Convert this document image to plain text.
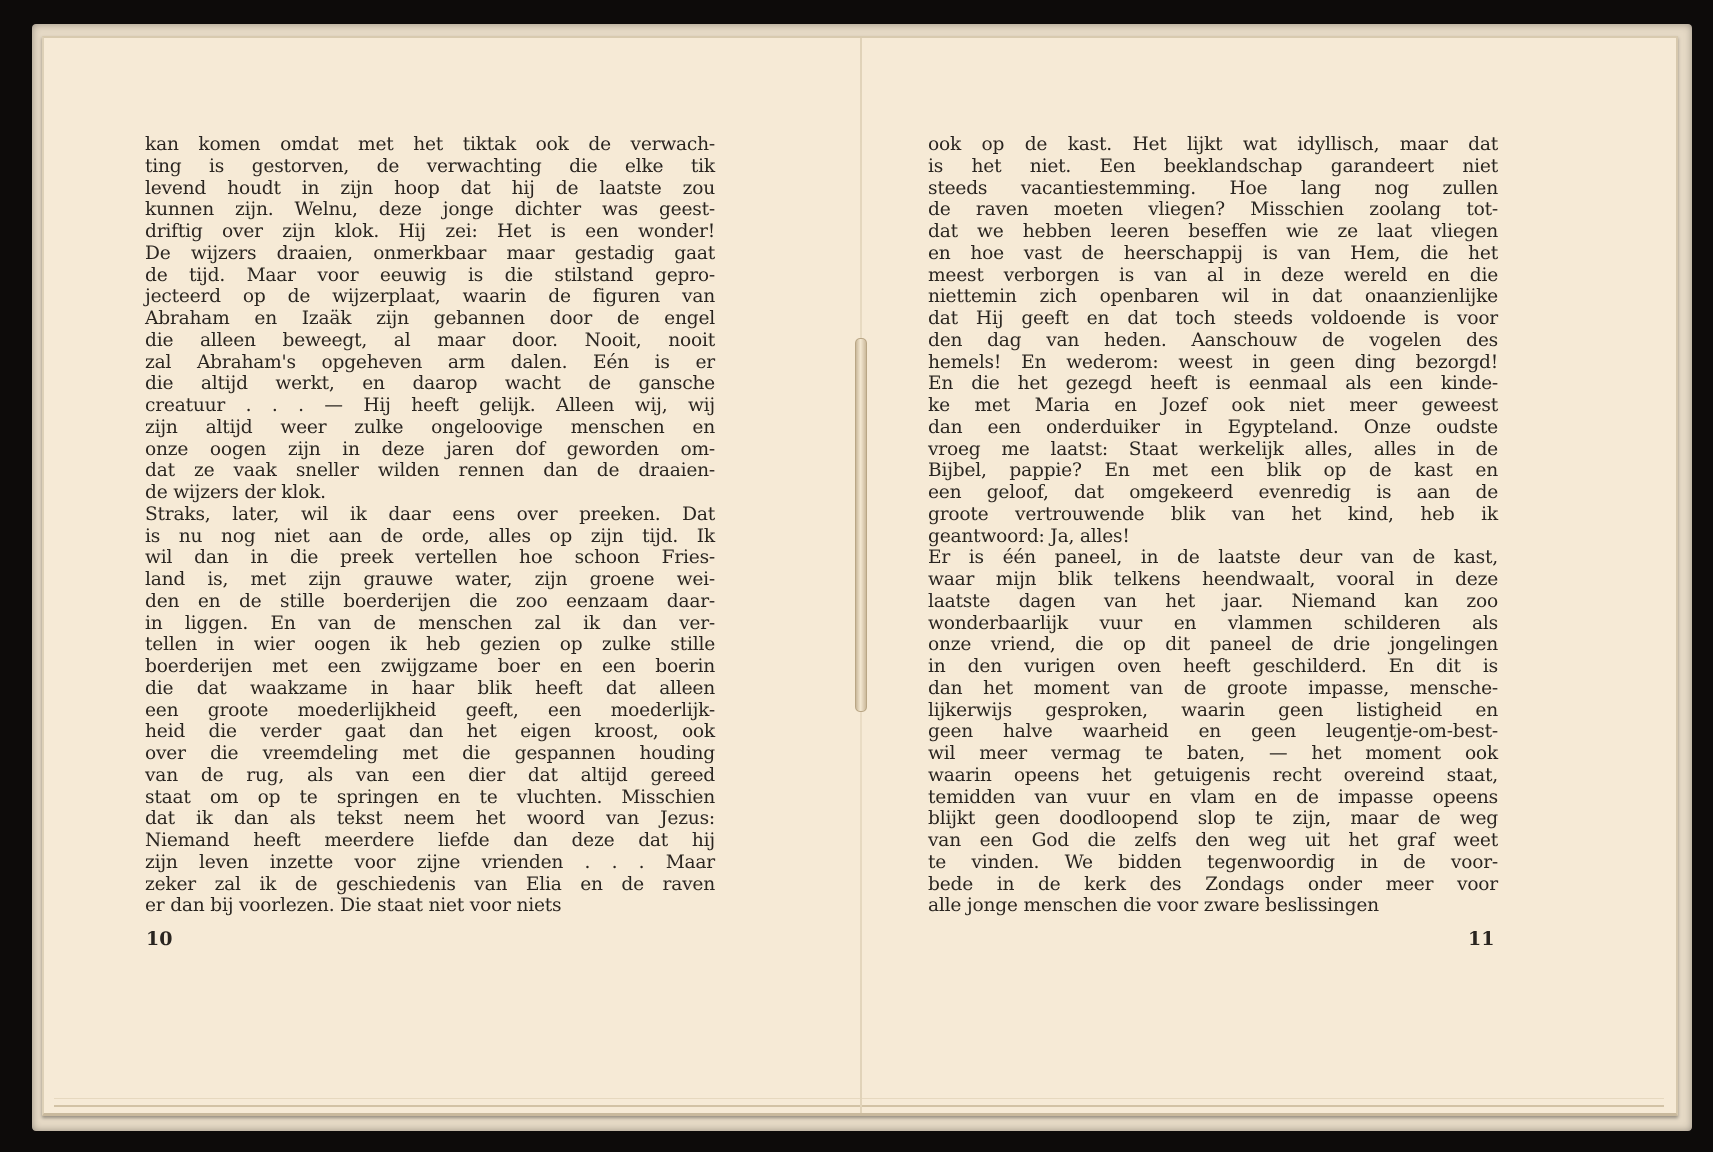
kan komen omdat met het tiktak ook de verwach-
ting is gestorven, de verwachting die elke tik
levend houdt in zijn hoop dat hij de laatste zou
kunnen zijn. Welnu, deze jonge dichter was geest-
driftig over zijn klok. Hij zei: Het is een wonder!
De wijzers draaien, onmerkbaar maar gestadig gaat
de tijd. Maar voor eeuwig is die stilstand gepro-
jecteerd op de wijzerplaat, waarin de figuren van
Abraham en Izaäk zijn gebannen door de engel
die alleen beweegt, al maar door. Nooit, nooit
zal Abraham's opgeheven arm dalen. Eén is er
die altijd werkt, en daarop wacht de gansche
creatuur . . . — Hij heeft gelijk. Alleen wij, wij
zijn altijd weer zulke ongeloovige menschen en
onze oogen zijn in deze jaren dof geworden om-
dat ze vaak sneller wilden rennen dan de draaien-
de wijzers der klok.
Straks, later, wil ik daar eens over preeken. Dat
is nu nog niet aan de orde, alles op zijn tijd. Ik
wil dan in die preek vertellen hoe schoon Fries-
land is, met zijn grauwe water, zijn groene wei-
den en de stille boerderijen die zoo eenzaam daar-
in liggen. En van de menschen zal ik dan ver-
tellen in wier oogen ik heb gezien op zulke stille
boerderijen met een zwijgzame boer en een boerin
die dat waakzame in haar blik heeft dat alleen
een groote moederlijkheid geeft, een moederlijk-
heid die verder gaat dan het eigen kroost, ook
over die vreemdeling met die gespannen houding
van de rug, als van een dier dat altijd gereed
staat om op te springen en te vluchten. Misschien
dat ik dan als tekst neem het woord van Jezus:
Niemand heeft meerdere liefde dan deze dat hij
zijn leven inzette voor zijne vrienden . . . Maar
zeker zal ik de geschiedenis van Elia en de raven
er dan bij voorlezen. Die staat niet voor niets
10
ook op de kast. Het lijkt wat idyllisch, maar dat
is het niet. Een beeklandschap garandeert niet
steeds vacantiestemming. Hoe lang nog zullen
de raven moeten vliegen? Misschien zoolang tot-
dat we hebben leeren beseffen wie ze laat vliegen
en hoe vast de heerschappij is van Hem, die het
meest verborgen is van al in deze wereld en die
niettemin zich openbaren wil in dat onaanzienlijke
dat Hij geeft en dat toch steeds voldoende is voor
den dag van heden. Aanschouw de vogelen des
hemels! En wederom: weest in geen ding bezorgd!
En die het gezegd heeft is eenmaal als een kinde-
ke met Maria en Jozef ook niet meer geweest
dan een onderduiker in Egypteland. Onze oudste
vroeg me laatst: Staat werkelijk alles, alles in de
Bijbel, pappie? En met een blik op de kast en
een geloof, dat omgekeerd evenredig is aan de
groote vertrouwende blik van het kind, heb ik
geantwoord: Ja, alles!
Er is één paneel, in de laatste deur van de kast,
waar mijn blik telkens heendwaalt, vooral in deze
laatste dagen van het jaar. Niemand kan zoo
wonderbaarlijk vuur en vlammen schilderen als
onze vriend, die op dit paneel de drie jongelingen
in den vurigen oven heeft geschilderd. En dit is
dan het moment van de groote impasse, mensche-
lijkerwijs gesproken, waarin geen listigheid en
geen halve waarheid en geen leugentje-om-best-
wil meer vermag te baten, — het moment ook
waarin opeens het getuigenis recht overeind staat,
temidden van vuur en vlam en de impasse opeens
blijkt geen doodloopend slop te zijn, maar de weg
van een God die zelfs den weg uit het graf weet
te vinden. We bidden tegenwoordig in de voor-
bede in de kerk des Zondags onder meer voor
alle jonge menschen die voor zware beslissingen
11
